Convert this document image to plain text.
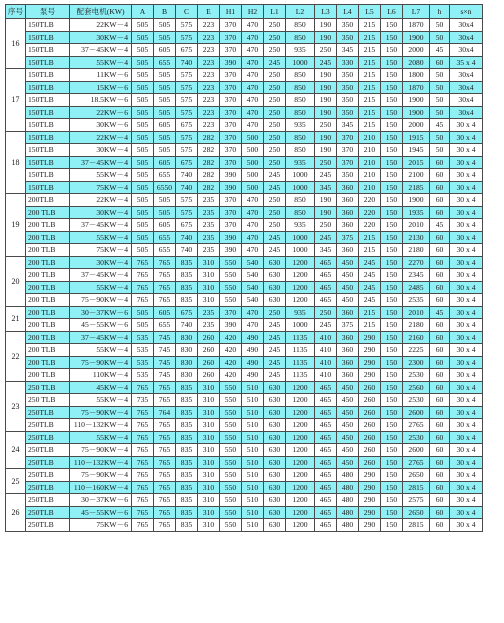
序号	泵号	配套电机(KW)	A	B	C	E	H1	H2	L1	L2	L3	L4	L5	L6	L7	h	s×n
16	150TLB	22KW－4	505	505	575	223	370	470	250	850	190	350	215	150	1870	50	30x4
	150TLB	30KW－4	505	505	575	223	370	470	250	850	190	350	215	150	1900	50	30x4
	150TLB	37－45KW－4	505	605	675	223	370	470	250	935	250	345	215	150	2000	45	30x4
	150TLB	55KW－4	505	655	740	223	390	470	245	1000	245	330	215	150	2080	60	35 x 4
17	150TLB	11KW－6	505	505	575	223	370	470	250	850	190	350	215	150	1800	50	30x4
	150TLB	15KW－6	505	505	575	223	370	470	250	850	190	350	215	150	1870	50	30x4
	150TLB	18.5KW－6	505	505	575	223	370	470	250	850	190	350	215	150	1900	50	30x4
	150TLB	22KW－6	505	505	575	223	370	470	250	850	190	350	215	150	1900	50	30x4
	150TLB	30KW－6	505	605	675	223	370	470	250	935	250	345	215	150	2000	45	30 x 4
18	150TLB	22KW－4	505	505	575	282	370	500	250	850	190	370	210	150	1915	50	30 x 4
	150TLB	30KW－4	505	505	575	282	370	500	250	850	190	370	210	150	1945	50	30 x 4
	150TLB	37－45KW－4	505	605	675	282	370	500	250	935	250	370	210	150	2015	60	30 x 4
	150TLB	55KW－4	505	655	740	282	390	500	245	1000	245	350	210	150	2100	60	30 x 4
	150TLB	75KW－4	505	6550	740	282	390	500	245	1000	345	360	210	150	2185	60	30 x 4
19	200TLB	22KW－4	505	505	575	235	370	470	250	850	190	360	220	150	1900	60	30 x 4
	200 TLB	30KW－4	505	505	575	235	370	470	250	850	190	360	220	150	1935	60	30 x 4
	200 TLB	37－45KW－4	505	605	675	235	370	470	250	935	250	360	220	150	2010	45	30 x 4
	200 TLB	55KW－4	505	655	740	235	390	470	245	1000	245	375	215	150	2130	60	30 x 4
	200 TLB	75KW－4	505	655	740	235	390	470	245	1000	345	360	215	150	2180	60	30 x 4
20	200 TLB	30KW－4	765	765	835	310	550	540	630	1200	465	450	245	150	2270	60	30 x 4
	200 TLB	37－45KW－4	765	765	835	310	550	540	630	1200	465	450	245	150	2345	60	30 x 4
	200 TLB	55KW－4	765	765	835	310	550	540	630	1200	465	450	245	150	2485	60	30 x 4
	200 TLB	75－90KW－4	765	765	835	310	550	540	630	1200	465	450	245	150	2535	60	30 x 4
21	200 TLB	30－37KW－6	505	605	675	235	370	470	250	935	250	360	215	150	2010	45	30 x 4
	200 TLB	45－55KW－6	505	655	740	235	390	470	245	1000	245	375	215	150	2180	60	30 x 4
22	200 TLB	37－45KW－4	535	745	830	260	420	490	245	1135	410	360	290	150	2160	60	30 x 4
	200 TLB	55KW－4	535	745	830	260	420	490	245	1135	410	360	290	150	2225	60	30 x 4
	200 TLB	75－90KW－4	535	745	830	260	420	490	245	1135	410	360	290	150	2300	60	30 x 4
	200 TLB	110KW－4	535	745	830	260	420	490	245	1135	410	360	290	150	2530	60	30 x 4
23	250 TLB	45KW－4	765	765	835	310	550	510	630	1200	465	450	260	150	2560	60	30 x 4
	250 TLB	55KW－4	735	765	835	310	550	510	630	1200	465	450	260	150	2530	60	30 x 4
	250TLB	75－90KW－4	765	764	835	310	550	510	630	1200	465	450	260	150	2600	60	30 x 4
	250TLB	110－132KW－4	765	765	835	310	550	510	630	1200	465	450	260	150	2765	60	30 x 4
24	250TLB	55KW－4	765	765	835	310	550	510	630	1200	465	450	260	150	2530	60	30 x 4
	250TLB	75－90KW－4	765	765	835	310	550	510	630	1200	465	450	260	150	2600	60	30 x 4
	250TLB	110－132KW－4	765	765	835	310	550	510	630	1200	465	450	260	150	2765	60	30 x 4
25	250TLB	75－90KW－4	765	765	835	310	550	510	630	1200	465	480	290	150	2650	60	30 x 4
	250TLB	110－160KW－4	765	765	835	310	550	510	630	1200	465	480	290	150	2815	60	30 x 4
26	250TLB	30－37KW－6	765	765	835	310	550	510	630	1200	465	480	290	150	2575	60	30 x 4
	250TLB	45－55KW－6	765	765	835	310	550	510	630	1200	465	480	290	150	2650	60	30 x 4
	250TLB	75KW－6	765	765	835	310	550	510	630	1200	465	480	290	150	2815	60	30 x 4
